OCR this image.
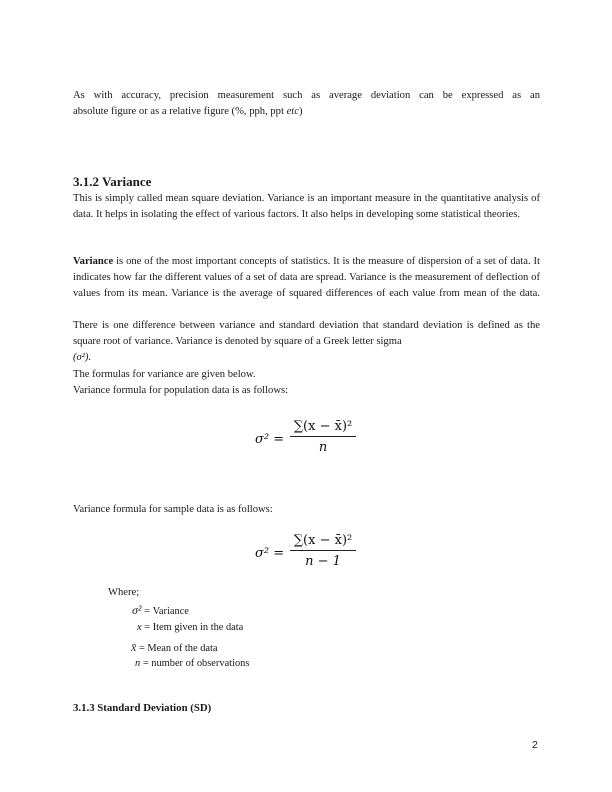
As with accuracy, precision measurement such as average deviation can be expressed as an
absolute figure or as a relative figure (%, pph, ppt etc)
3.1.2 Variance
This is simply called mean square deviation. Variance is an important measure in the quantitative analysis of data. It helps in isolating the effect of various factors. It also helps in developing some statistical theories.
Variance is one of the most important concepts of statistics. It is the measure of dispersion of a set of data. It indicates how far the different values of a set of data are spread. Variance is the measurement of deflection of values from its mean. Variance is the average of squared differences of each value from mean of the data.
There is one difference between variance and standard deviation that standard deviation is defined as the square root of variance. Variance is denoted by square of a Greek letter sigma
(σ²).
The formulas for variance are given below.
Variance formula for population data is as follows:
σ² =
∑(x − x̄)²
n
Variance formula for sample data is as follows:
σ² =
∑(x − x̄)²
n − 1
Where;
σ² = Variance
x = Item given in the data
x̄ = Mean of the data
n = number of observations
3.1.3 Standard Deviation (SD)
2
